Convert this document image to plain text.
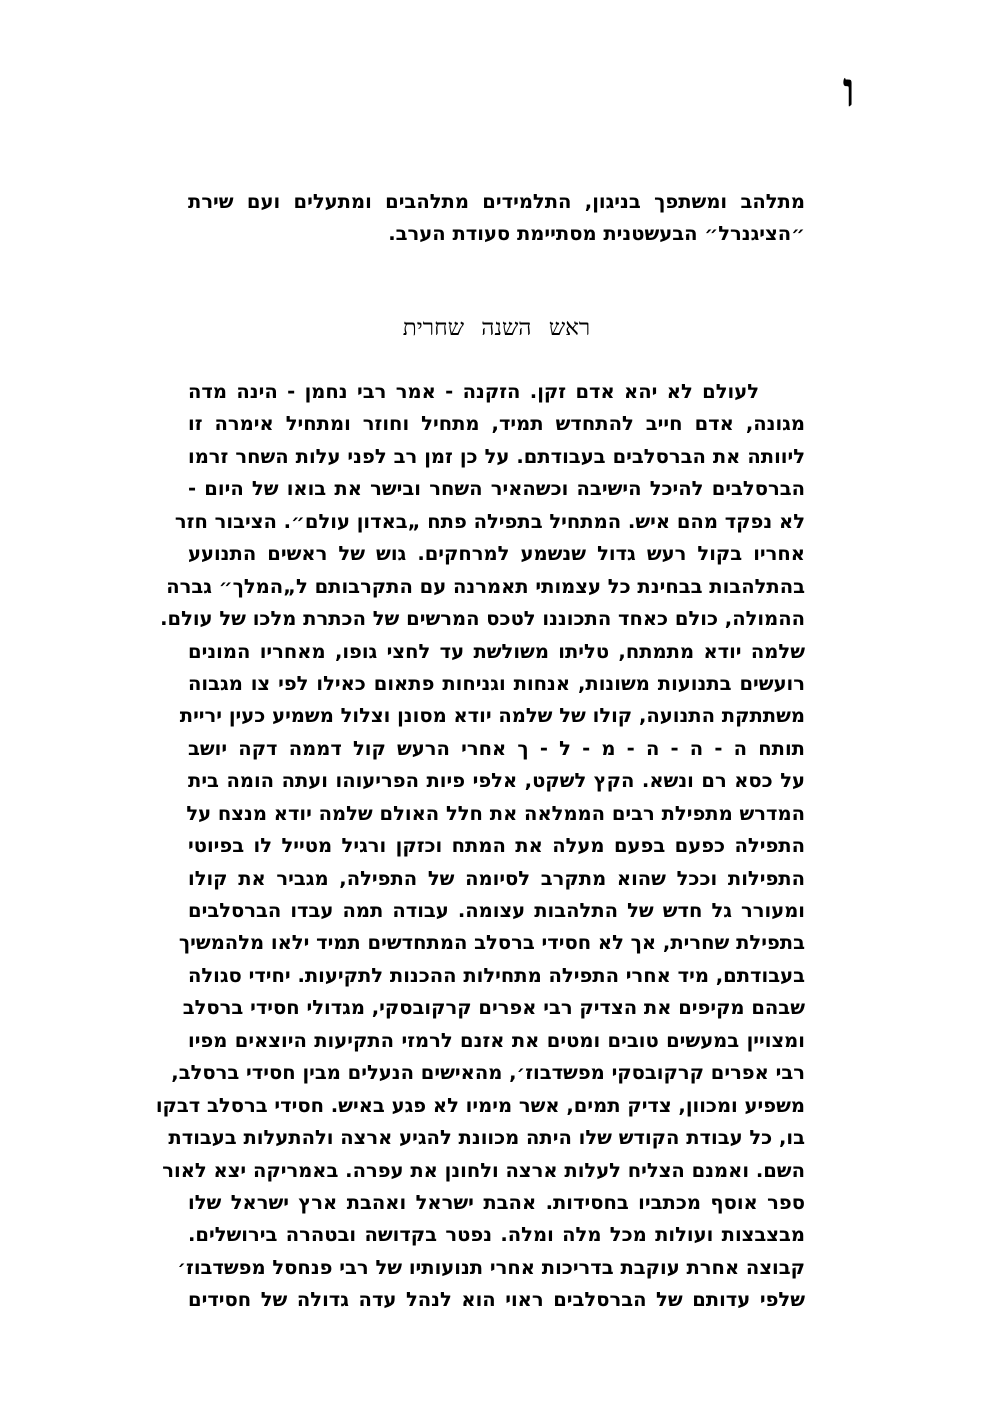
ו
מתלהב ומשתפך בניגון, התלמידים מתלהבים ומתעלים ועם שירת
״הציגנרל״ הבעשטנית מסתיימת סעודת הערב.
ראש השנה שחרית
לעולם לא יהא אדם זקן. הזקנה - אמר רבי נחמן - הינה מדה
מגונה, אדם חייב להתחדש תמיד, מתחיל וחוזר ומתחיל אימרה זו
ליוותה את הברסלבים בעבודתם. על כן זמן רב לפני עלות השחר זרמו
הברסלבים להיכל הישיבה וכשהאיר השחר ובישר את בואו של היום -
לא נפקד מהם איש. המתחיל בתפילה פתח „באדון עולם״. הציבור חזר
אחריו בקול רעש גדול שנשמע למרחקים. גוש של ראשים התנועע
בהתלהבות בבחינת כל עצמותי תאמרנה עם התקרבותם ל„המלך״ גברה
ההמולה, כולם כאחד התכוננו לטכס המרשים של הכתרת מלכו של עולם.
שלמה יודא מתמתח, טליתו משולשת עד לחצי גופו, מאחריו המונים
רועשים בתנועות משונות, אנחות וגניחות פתאום כאילו לפי צו מגבוה
משתתקת התנועה, קולו של שלמה יודא מסונן וצלול משמיע כעין יריית
תותח ה - ה - ה - מ - ל - ך אחרי הרעש קול דממה דקה יושב
על כסא רם ונשא. הקץ לשקט, אלפי פיות הפריעוהו ועתה הומה בית
המדרש מתפילת רבים הממלאה את חלל האולם שלמה יודא מנצח על
התפילה כפעם בפעם מעלה את המתח וכזקן ורגיל מטייל לו בפיוטי
התפילות וככל שהוא מתקרב לסיומה של התפילה, מגביר את קולו
ומעורר גל חדש של התלהבות עצומה. עבודה תמה עבדו הברסלבים
בתפילת שחרית, אך לא חסידי ברסלב המתחדשים תמיד ילאו מלהמשיך
בעבודתם, מיד אחרי התפילה מתחילות ההכנות לתקיעות. יחידי סגולה
שבהם מקיפים את הצדיק רבי אפרים קרקובסקי, מגדולי חסידי ברסלב
ומצויין במעשים טובים ומטים את אזנם לרמזי התקיעות היוצאים מפיו
רבי אפרים קרקובסקי מפשדבוז׳, מהאישים הנעלים מבין חסידי ברסלב,
משפיע ומכוון, צדיק תמים, אשר מימיו לא פגע באיש. חסידי ברסלב דבקו
בו, כל עבודת הקודש שלו היתה מכוונת להגיע ארצה ולהתעלות בעבודת
השם. ואמנם הצליח לעלות ארצה ולחונן את עפרה. באמריקה יצא לאור
ספר אוסף מכתביו בחסידות. אהבת ישראל ואהבת ארץ ישראל שלו
מבצבצות ועולות מכל מלה ומלה. נפטר בקדושה ובטהרה בירושלים.
קבוצה אחרת עוקבת בדריכות אחרי תנועותיו של רבי פנחסל מפשדבוז׳
שלפי עדותם של הברסלבים ראוי הוא לנהל עדה גדולה של חסידים
